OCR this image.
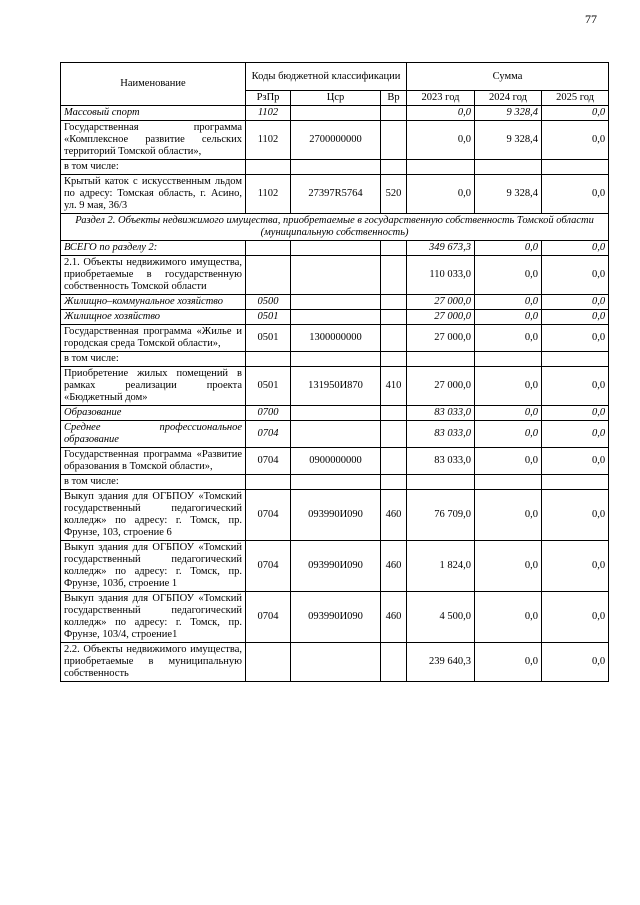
77
Наименование	Коды бюджетной классификации			Сумма		
	РзПр	Цср	Вр	2023 год	2024 год	2025 год
Массовый спорт	1102			0,0	9 328,4	0,0
Государственная программа «Комплексное развитие сельских территорий Томской области»,	1102	2700000000		0,0	9 328,4	0,0
в том числе:						
Крытый каток с искусственным льдом по адресу: Томская область, г. Асино, ул. 9 мая, 36/3	1102	27397R5764	520	0,0	9 328,4	0,0
Раздел 2. Объекты недвижимого имущества, приобретаемые в государственную собственность Томской области (муниципальную собственность)						
ВСЕГО по разделу 2:				349 673,3	0,0	0,0
2.1. Объекты недвижимого имущества, приобретаемые в государственную собственность Томской области				110 033,0	0,0	0,0
Жилищно–коммунальное хозяйство	0500			27 000,0	0,0	0,0
Жилищное хозяйство	0501			27 000,0	0,0	0,0
Государственная программа «Жилье и городская среда Томской области»,	0501	1300000000		27 000,0	0,0	0,0
в том числе:						
Приобретение жилых помещений в рамках реализации проекта «Бюджетный дом»	0501	131950И870	410	27 000,0	0,0	0,0
Образование	0700			83 033,0	0,0	0,0
Среднее профессиональное образование	0704			83 033,0	0,0	0,0
Государственная программа «Развитие образования в Томской области»,	0704	0900000000		83 033,0	0,0	0,0
в том числе:						
Выкуп здания для ОГБПОУ «Томский государственный педагогический колледж» по адресу: г. Томск, пр. Фрунзе, 103, строение 6	0704	093990И090	460	76 709,0	0,0	0,0
Выкуп здания для ОГБПОУ «Томский государственный педагогический колледж» по адресу: г. Томск, пр. Фрунзе, 103б, строение 1	0704	093990И090	460	1 824,0	0,0	0,0
Выкуп здания для ОГБПОУ «Томский государственный педагогический колледж» по адресу: г. Томск, пр. Фрунзе, 103/4, строение1	0704	093990И090	460	4 500,0	0,0	0,0
2.2. Объекты недвижимого имущества, приобретаемые в муниципальную собственность				239 640,3	0,0	0,0
